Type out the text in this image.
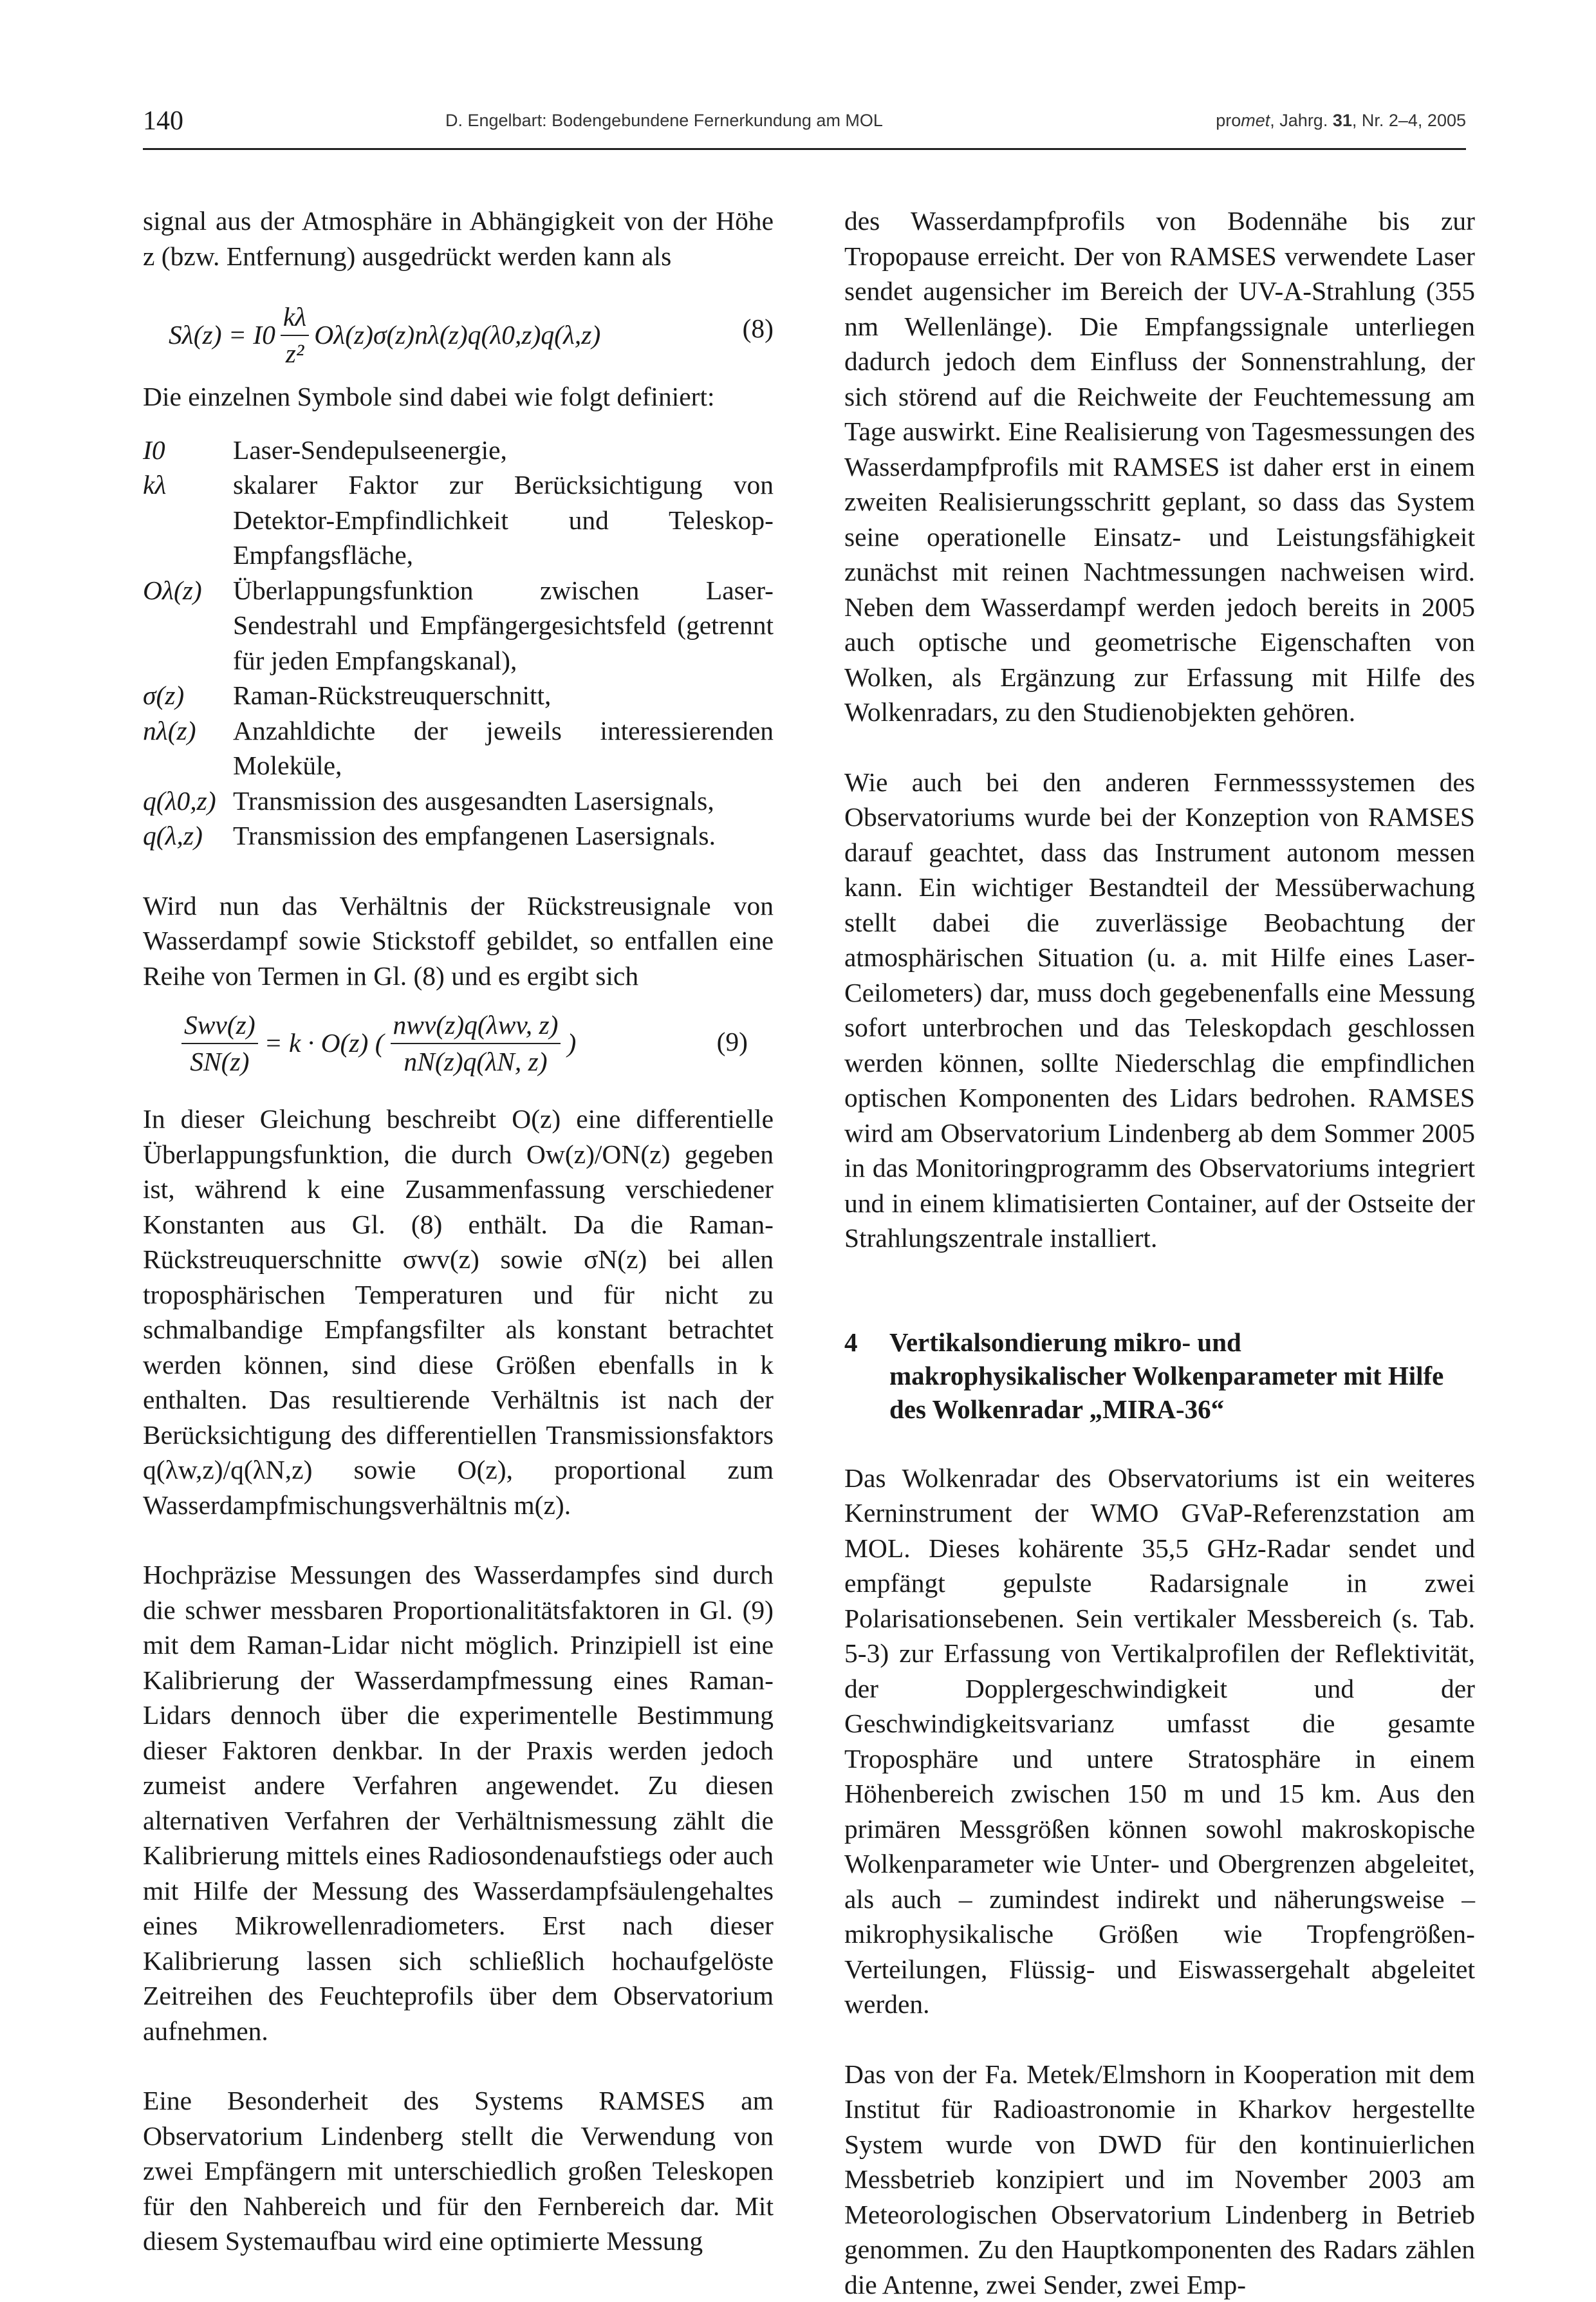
140	D. Engelbart: Bodengebundene Fernerkundung am MOL	promet, Jahrg. 31, Nr. 2–4, 2005

signal aus der Atmosphäre in Abhängigkeit von der Höhe z (bzw. Entfernung) ausgedrückt werden kann als

$S\lambda(z) = I0 \frac{k\lambda}{\text{z²}} O\lambda(z)\sigma(z)n\lambda(z)q(\lambda 0,z)q(\lambda,z)$	(8)

Die einzelnen Symbole sind dabei wie folgt definiert:

I0	Laser-Sendepulseenergie,
kλ	skalarer Faktor zur Berücksichtigung von Detektor-Empfindlichkeit und Teleskop-Empfangsfläche,
Oλ(z)	Überlappungsfunktion zwischen Laser-Sendestrahl und Empfängergesichtsfeld (getrennt für jeden Empfangskanal),
σ(z)	Raman-Rückstreuquerschnitt,
nλ(z)	Anzahldichte der jeweils interessierenden Moleküle,
q(λ0,z) Transmission des ausgesandten Lasersignals,
q(λ,z)	Transmission des empfangenen Lasersignals.

Wird nun das Verhältnis der Rückstreusignale von Wasserdampf sowie Stickstoff gebildet, so entfallen eine Reihe von Termen in Gl. (8) und es ergibt sich

$\frac{\text{Swv(z)}}{SN(z)} = k \cdot O(z)$ ( $\frac{\text{nwv(z)q(λwv, z)}}{nN(z)q(\lambda N, z)}$ )	(9)

In dieser Gleichung beschreibt O(z) eine differentielle Überlappungsfunktion, die durch Ow(z)/ON(z) gegeben ist, während k eine Zusammenfassung verschiedener Konstanten aus Gl. (8) enthält. Da die Raman-Rückstreuquerschnitte σwv(z) sowie σN(z) bei allen troposphärischen Temperaturen und für nicht zu schmalbandige Empfangsfilter als konstant betrachtet werden können, sind diese Größen ebenfalls in k enthalten. Das resultierende Verhältnis ist nach der Berücksichtigung des differentiellen Transmissionsfaktors q(λw,z)/q(λN,z) sowie O(z), proportional zum Wasserdampfmischungsverhältnis m(z).

Hochpräzise Messungen des Wasserdampfes sind durch die schwer messbaren Proportionalitätsfaktoren in Gl. (9) mit dem Raman-Lidar nicht möglich. Prinzipiell ist eine Kalibrierung der Wasserdampfmessung eines Raman-Lidars dennoch über die experimentelle Bestimmung dieser Faktoren denkbar. In der Praxis werden jedoch zumeist andere Verfahren angewendet. Zu diesen alternativen Verfahren der Verhältnismessung zählt die Kalibrierung mittels eines Radiosondenaufstiegs oder auch mit Hilfe der Messung des Wasserdampfsäulengehaltes eines Mikrowellenradiometers. Erst nach dieser Kalibrierung lassen sich schließlich hochaufgelöste Zeitreihen des Feuchteprofils über dem Observatorium aufnehmen.

Eine Besonderheit des Systems RAMSES am Observatorium Lindenberg stellt die Verwendung von zwei Empfängern mit unterschiedlich großen Teleskopen für den Nahbereich und für den Fernbereich dar. Mit diesem Systemaufbau wird eine optimierte Messung

des Wasserdampfprofils von Bodennähe bis zur Tropopause erreicht. Der von RAMSES verwendete Laser sendet augensicher im Bereich der UV-A-Strahlung (355 nm Wellenlänge). Die Empfangssignale unterliegen dadurch jedoch dem Einfluss der Sonnenstrahlung, der sich störend auf die Reichweite der Feuchtemessung am Tage auswirkt. Eine Realisierung von Tagesmessungen des Wasserdampfprofils mit RAMSES ist daher erst in einem zweiten Realisierungsschritt geplant, so dass das System seine operationelle Einsatz- und Leistungsfähigkeit zunächst mit reinen Nachtmessungen nachweisen wird. Neben dem Wasserdampf werden jedoch bereits in 2005 auch optische und geometrische Eigenschaften von Wolken, als Ergänzung zur Erfassung mit Hilfe des Wolkenradars, zu den Studienobjekten gehören.

Wie auch bei den anderen Fernmesssystemen des Observatoriums wurde bei der Konzeption von RAMSES darauf geachtet, dass das Instrument autonom messen kann. Ein wichtiger Bestandteil der Messüberwachung stellt dabei die zuverlässige Beobachtung der atmosphärischen Situation (u. a. mit Hilfe eines Laser-Ceilometers) dar, muss doch gegebenenfalls eine Messung sofort unterbrochen und das Teleskopdach geschlossen werden können, sollte Niederschlag die empfindlichen optischen Komponenten des Lidars bedrohen. RAMSES wird am Observatorium Lindenberg ab dem Sommer 2005 in das Monitoringprogramm des Observatoriums integriert und in einem klimatisierten Container, auf der Ostseite der Strahlungszentrale installiert.

4	Vertikalsondierung mikro- und makrophysikalischer Wolkenparameter mit Hilfe des Wolkenradar „MIRA-36“

Das Wolkenradar des Observatoriums ist ein weiteres Kerninstrument der WMO GVaP-Referenzstation am MOL. Dieses kohärente 35,5 GHz-Radar sendet und empfängt gepulste Radarsignale in zwei Polarisationsebenen. Sein vertikaler Messbereich (s. Tab. 5-3) zur Erfassung von Vertikalprofilen der Reflektivität, der Dopplergeschwindigkeit und der Geschwindigkeitsvarianz umfasst die gesamte Troposphäre und untere Stratosphäre in einem Höhenbereich zwischen 150 m und 15 km. Aus den primären Messgrößen können sowohl makroskopische Wolkenparameter wie Unter- und Obergrenzen abgeleitet, als auch – zumindest indirekt und näherungsweise – mikrophysikalische Größen wie Tropfengrößen-Verteilungen, Flüssig- und Eiswassergehalt abgeleitet werden.

Das von der Fa. Metek/Elmshorn in Kooperation mit dem Institut für Radioastronomie in Kharkov hergestellte System wurde von DWD für den kontinuierlichen Messbetrieb konzipiert und im November 2003 am Meteorologischen Observatorium Lindenberg in Betrieb genommen. Zu den Hauptkomponenten des Radars zählen die Antenne, zwei Sender, zwei Emp-
